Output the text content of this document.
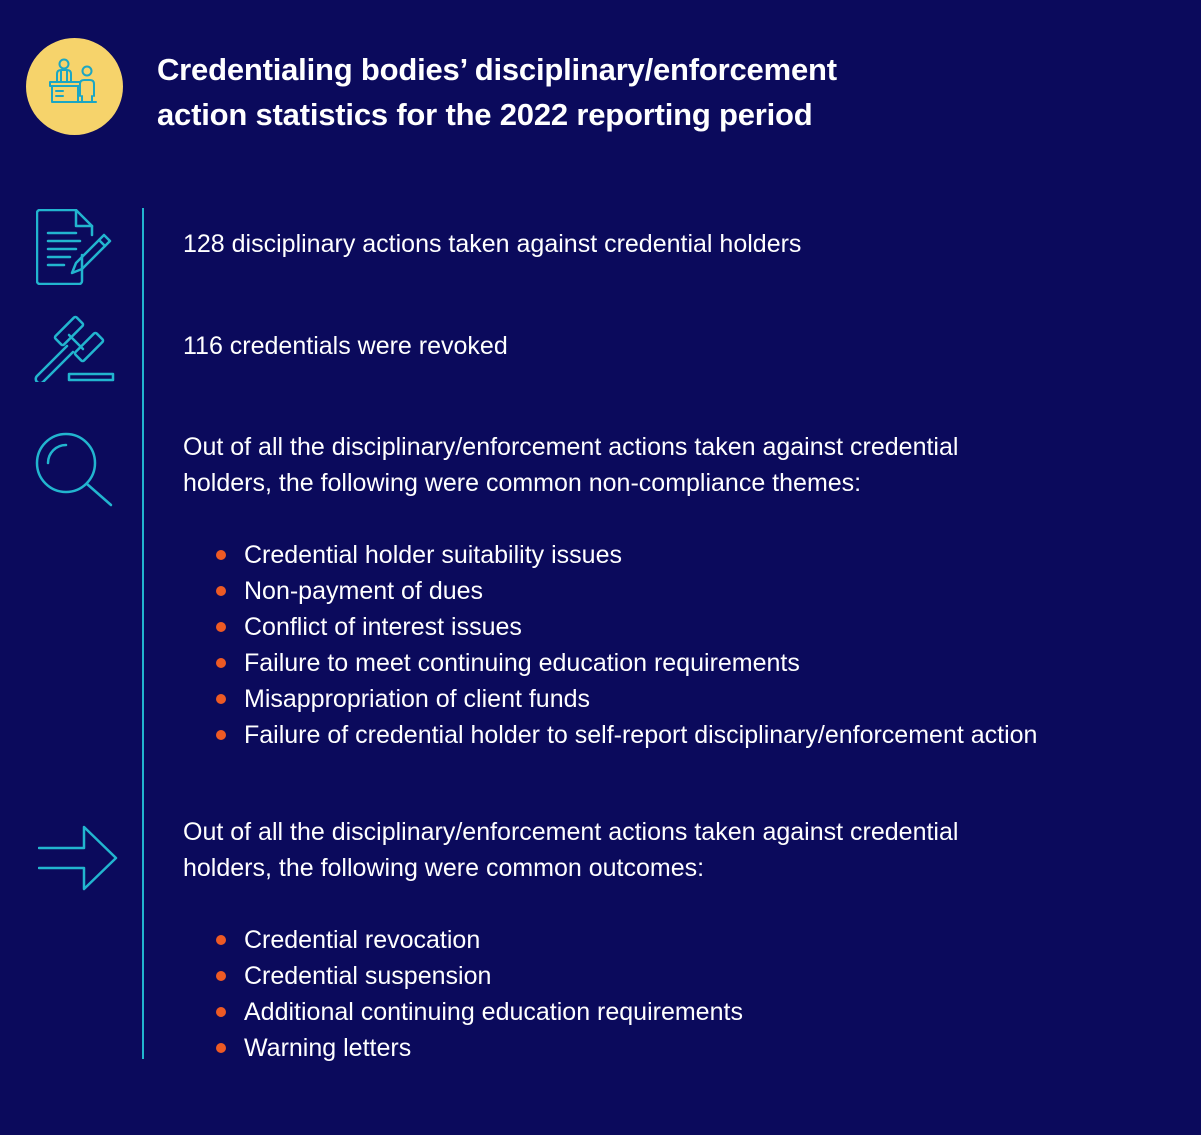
Credentialing bodies’ disciplinary/enforcement
action statistics for the 2022 reporting period

128 disciplinary actions taken against credential holders

116 credentials were revoked

Out of all the disciplinary/enforcement actions taken against credential
holders, the following were common non-compliance themes:

Credential holder suitability issues
Non-payment of dues
Conflict of interest issues
Failure to meet continuing education requirements
Misappropriation of client funds
Failure of credential holder to self-report disciplinary/enforcement action

Out of all the disciplinary/enforcement actions taken against credential
holders, the following were common outcomes:

Credential revocation
Credential suspension
Additional continuing education requirements
Warning letters
